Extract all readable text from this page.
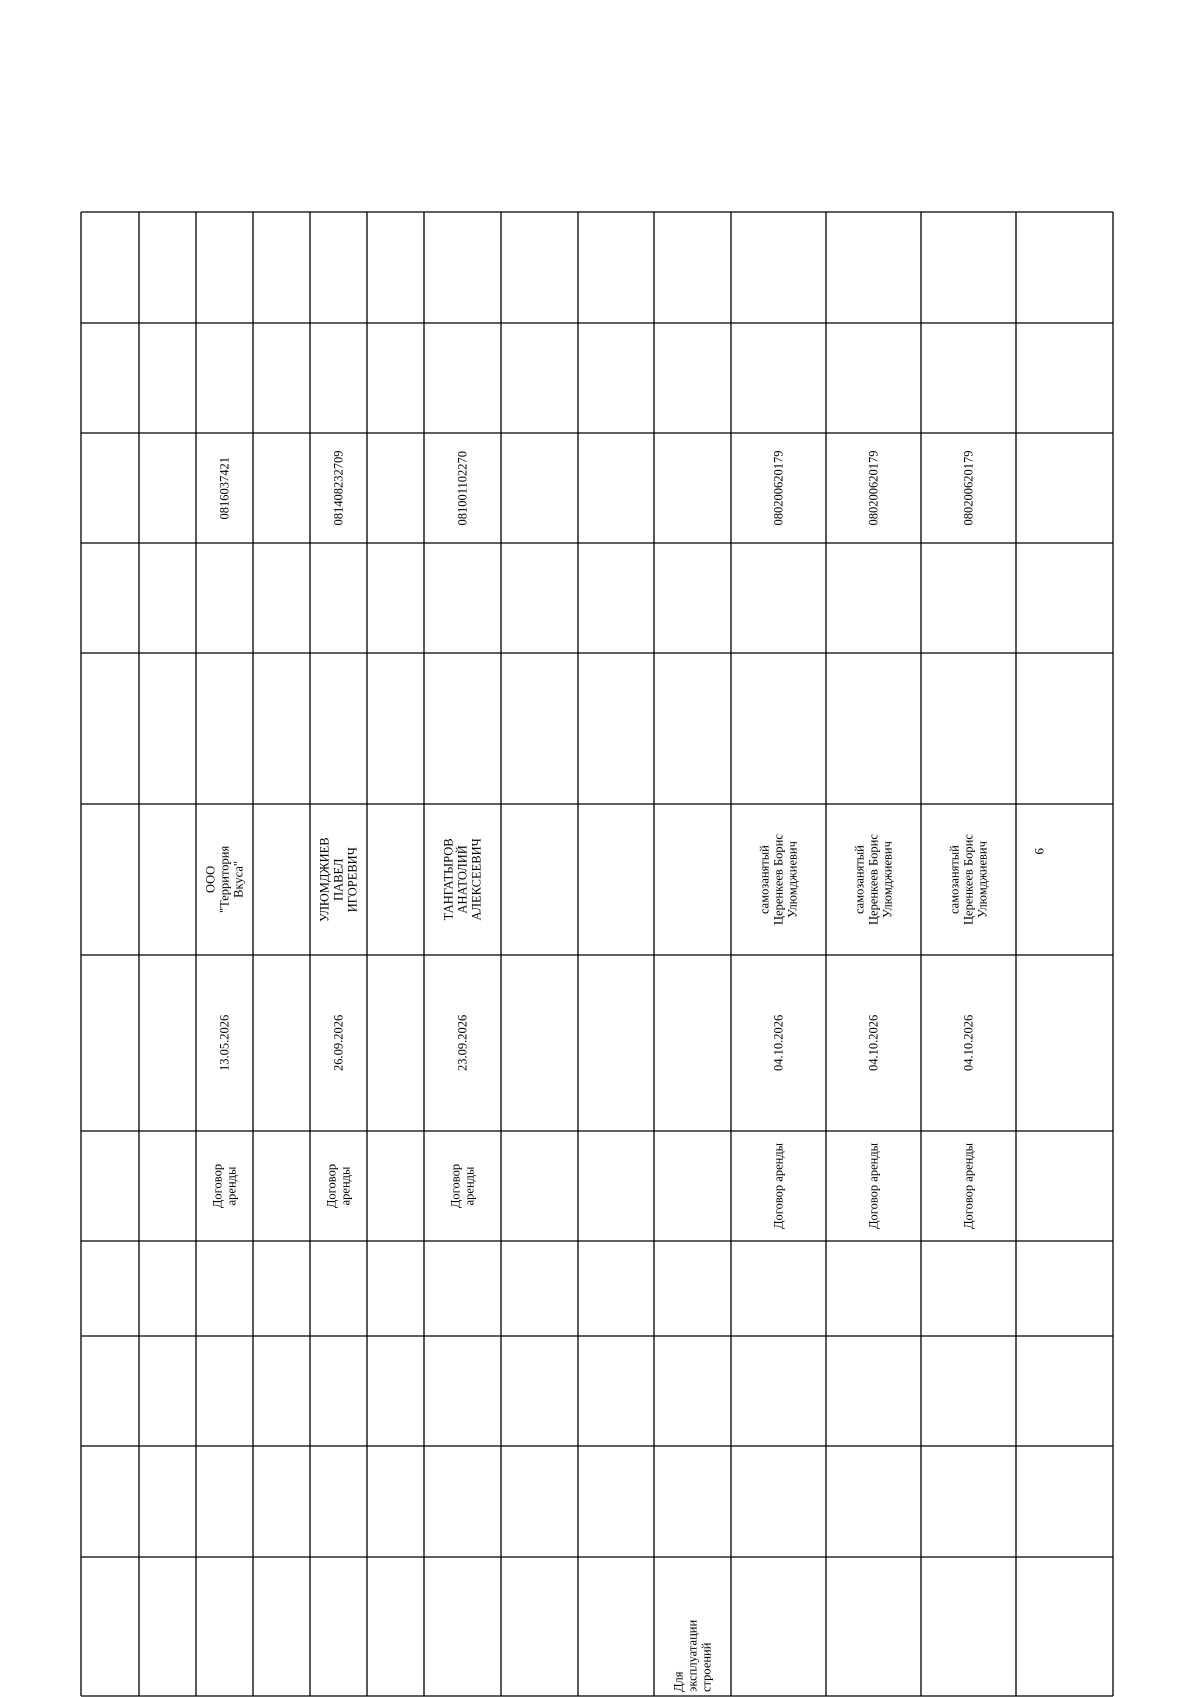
9
Договор аренды
13.05.2026
ООО "Территория
Вкуса"
0816037421
Договор аренды
26.09.2026
УЛЮМДЖИЕВ
ПАВЕЛ ИГОРЕВИЧ
081408232709
Договор аренды
23.09.2026
ТАНГАТЫРОВ
АНАТОЛИЙ
АЛЕКСЕЕВИЧ
081001102270
Для
эксплуатации
строений
Договор аренды
04.10.2026
самозанятый
Церенкеев Борис
Улюмджиевич
080200620179
Договор аренды
04.10.2026
самозанятый
Церенкеев Борис
Улюмджиевич
080200620179
Договор аренды
04.10.2026
самозанятый
Церенкеев Борис
Улюмджиевич
080200620179
